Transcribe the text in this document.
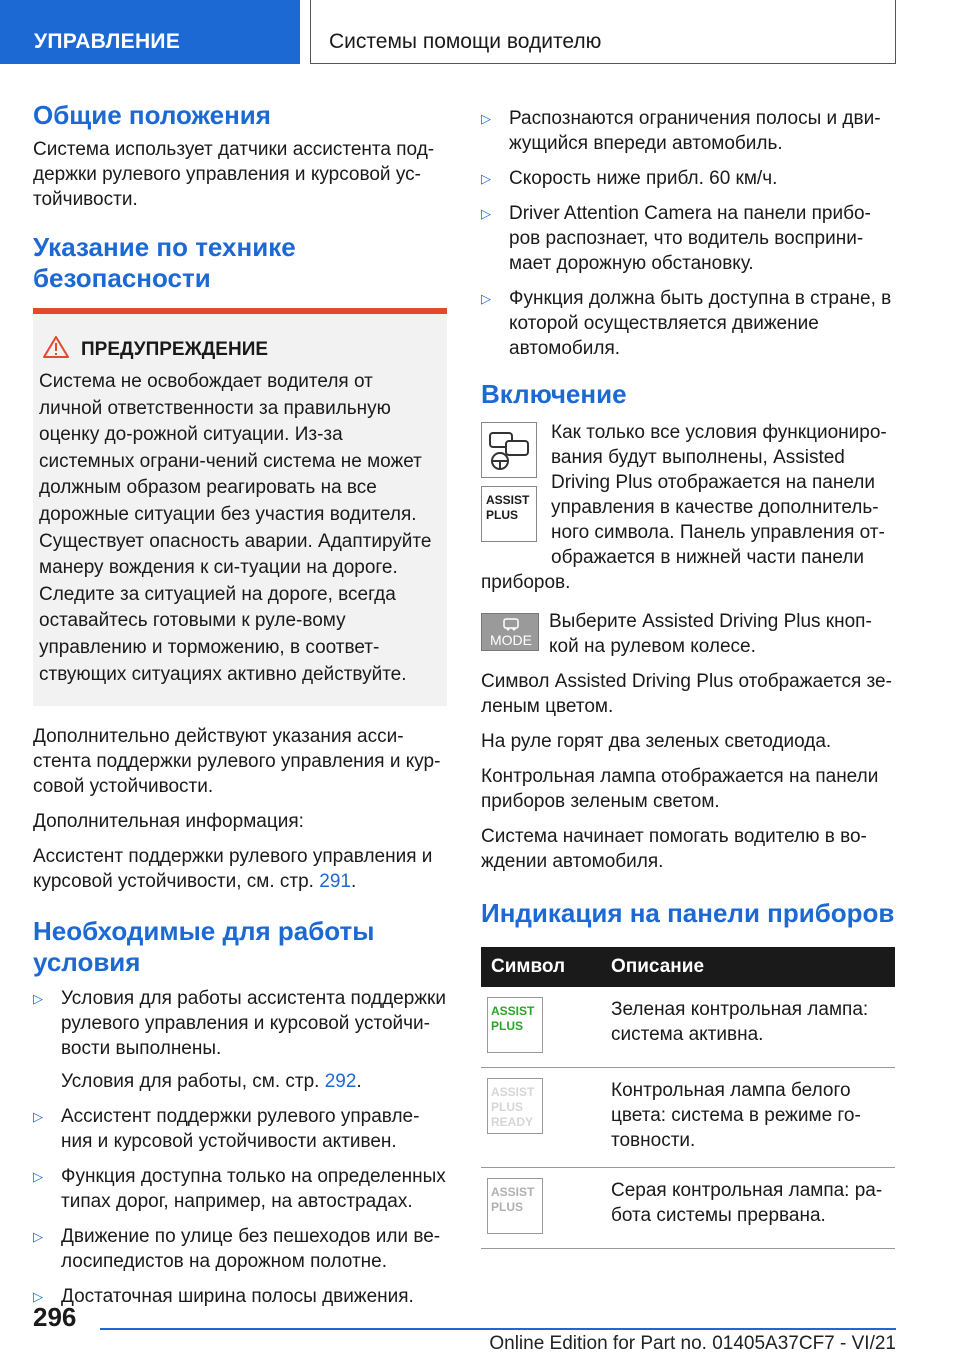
УПРАВЛЕНИЕ	Системы помощи водителю
Общие положения

Система использует датчики ассистента под-держки рулевого управления и курсовой ус-тойчивости.

Указание по технике безопасности
ПРЕДУПРЕЖДЕНИЕ
Система не освобождает водителя от личной ответственности за правильную оценку до-рожной ситуации. Из-за системных ограни-чений система не может должным образом реагировать на все дорожные ситуации без участия водителя. Существует опасность аварии. Адаптируйте манеру вождения к си-туации на дороге. Следите за ситуацией на дороге, всегда оставайтесь готовыми к руле-вому управлению и торможению, в соответ-ствующих ситуациях активно действуйте.

Дополнительно действуют указания асси-стента поддержки рулевого управления и кур-совой устойчивости.

Дополнительная информация:

Ассистент поддержки рулевого управления и курсовой устойчивости, см. стр. 291.

Необходимые для работы условия
▷ Условия для работы ассистента поддержки рулевого управления и курсовой устойчи-вости выполнены.
Условия для работы, см. стр. 292.
▷ Ассистент поддержки рулевого управле-ния и курсовой устойчивости активен.
▷ Функция доступна только на определенных типах дорог, например, на автострадах.
▷ Движение по улице без пешеходов или ве-лосипедистов на дорожном полотне.
▷ Достаточная ширина полосы движения.
▷ Распознаются ограничения полосы и дви-жущийся впереди автомобиль.
▷ Скорость ниже прибл. 60 км/ч.
▷ Driver Attention Camera на панели прибо-ров распознает, что водитель восприни-мает дорожную обстановку.
▷ Функция должна быть доступна в стране, в которой осуществляется движение автомобиля.
Включение
ASSIST
PLUS

Как только все условия функциониро-вания будут выполнены, Assisted Driving Plus отображается на панели управления в качестве дополнитель-ного символа. Панель управления от-ображается в нижней части панели приборов.

MODE

Выберите Assisted Driving Plus кноп-кой на рулевом колесе.

Символ Assisted Driving Plus отображается зе-леным цветом.

На руле горят два зеленых светодиода.

Контрольная лампа отображается на панели приборов зеленым светом.

Система начинает помогать водителю в во-ждении автомобиля.

Индикация на панели приборов
Символ	Описание

ASSIST
PLUS	Зеленая контрольная лампа: система активна.

ASSIST
PLUS
READY	Контрольная лампа белого цвета: система в режиме го-товности.

ASSIST
PLUS	Серая контрольная лампа: ра-бота системы прервана.
296
Online Edition for Part no. 01405A37CF7 - VI/21
